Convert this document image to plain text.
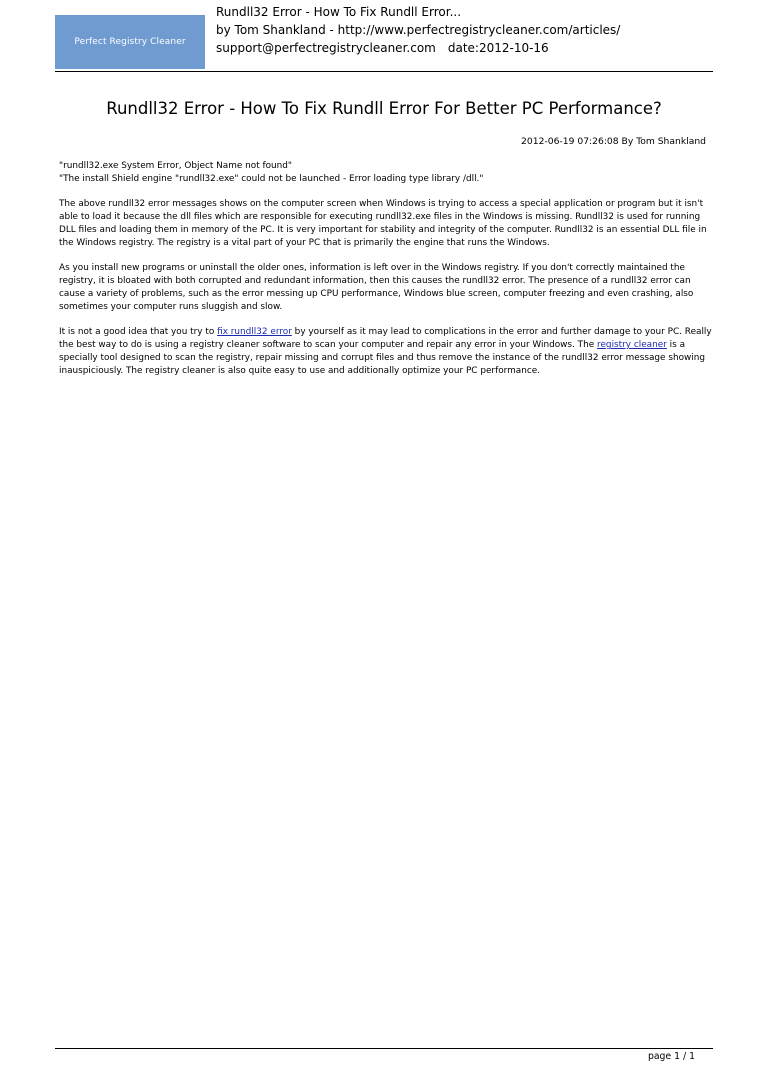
Perfect Registry Cleaner
Rundll32 Error - How To Fix Rundll Error...
by Tom Shankland - http://www.perfectregistrycleaner.com/articles/
support@perfectregistrycleaner.com date:2012-10-16
Rundll32 Error - How To Fix Rundll Error For Better PC Performance?
2012-06-19 07:26:08 By Tom Shankland

"rundll32.exe System Error, Object Name not found"
"The install Shield engine "rundll32.exe" could not be launched - Error loading type library /dll."

The above rundll32 error messages shows on the computer screen when Windows is trying to access a special application or program but it isn't able to load it because the dll files which are responsible for executing rundll32.exe files in the Windows is missing. Rundll32 is used for running DLL files and loading them in memory of the PC. It is very important for stability and integrity of the computer. Rundll32 is an essential DLL file in the Windows registry. The registry is a vital part of your PC that is primarily the engine that runs the Windows.

As you install new programs or uninstall the older ones, information is left over in the Windows registry. If you don't correctly maintained the registry, it is bloated with both corrupted and redundant information, then this causes the rundll32 error. The presence of a rundll32 error can cause a variety of problems, such as the error messing up CPU performance, Windows blue screen, computer freezing and even crashing, also sometimes your computer runs sluggish and slow.

It is not a good idea that you try to fix rundll32 error by yourself as it may lead to complications in the error and further damage to your PC. Really the best way to do is using a registry cleaner software to scan your computer and repair any error in your Windows. The registry cleaner is a specially tool designed to scan the registry, repair missing and corrupt files and thus remove the instance of the rundll32 error message showing inauspiciously. The registry cleaner is also quite easy to use and additionally optimize your PC performance.

page 1 / 1
